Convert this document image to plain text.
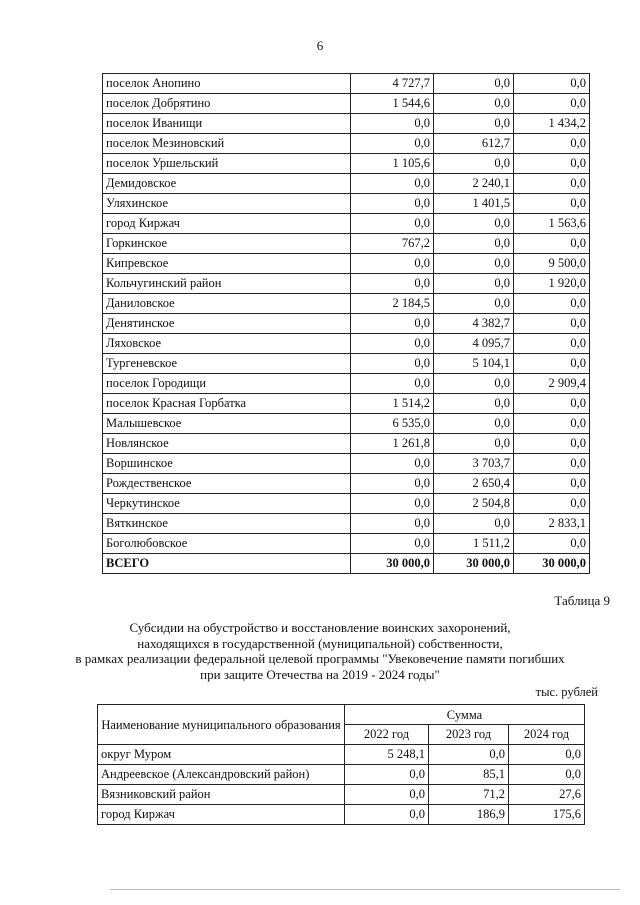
6
поселок Анопино	4 727,7	0,0	0,0
поселок Добрятино	1 544,6	0,0	0,0
поселок Иванищи	0,0	0,0	1 434,2
поселок Мезиновский	0,0	612,7	0,0
поселок Уршельский	1 105,6	0,0	0,0
Демидовское	0,0	2 240,1	0,0
Уляхинское	0,0	1 401,5	0,0
город Киржач	0,0	0,0	1 563,6
Горкинское	767,2	0,0	0,0
Кипревское	0,0	0,0	9 500,0
Кольчугинский район	0,0	0,0	1 920,0
Даниловское	2 184,5	0,0	0,0
Денятинское	0,0	4 382,7	0,0
Ляховское	0,0	4 095,7	0,0
Тургеневское	0,0	5 104,1	0,0
поселок Городищи	0,0	0,0	2 909,4
поселок Красная Горбатка	1 514,2	0,0	0,0
Малышевское	6 535,0	0,0	0,0
Новлянское	1 261,8	0,0	0,0
Воршинское	0,0	3 703,7	0,0
Рождественское	0,0	2 650,4	0,0
Черкутинское	0,0	2 504,8	0,0
Вяткинское	0,0	0,0	2 833,1
Боголюбовское	0,0	1 511,2	0,0
ВСЕГО	30 000,0	30 000,0	30 000,0
Таблица 9
Субсидии на обустройство и восстановление воинских захоронений,
находящихся в государственной (муниципальной) собственности,
в рамках реализации федеральной целевой программы "Увековечение памяти погибших
при защите Отечества на 2019 - 2024 годы"
тыс. рублей
Наименование муниципального образования	Сумма		
	2022 год	2023 год	2024 год
округ Муром	5 248,1	0,0	0,0
Андреевское (Александровский район)	0,0	85,1	0,0
Вязниковский район	0,0	71,2	27,6
город Киржач	0,0	186,9	175,6
